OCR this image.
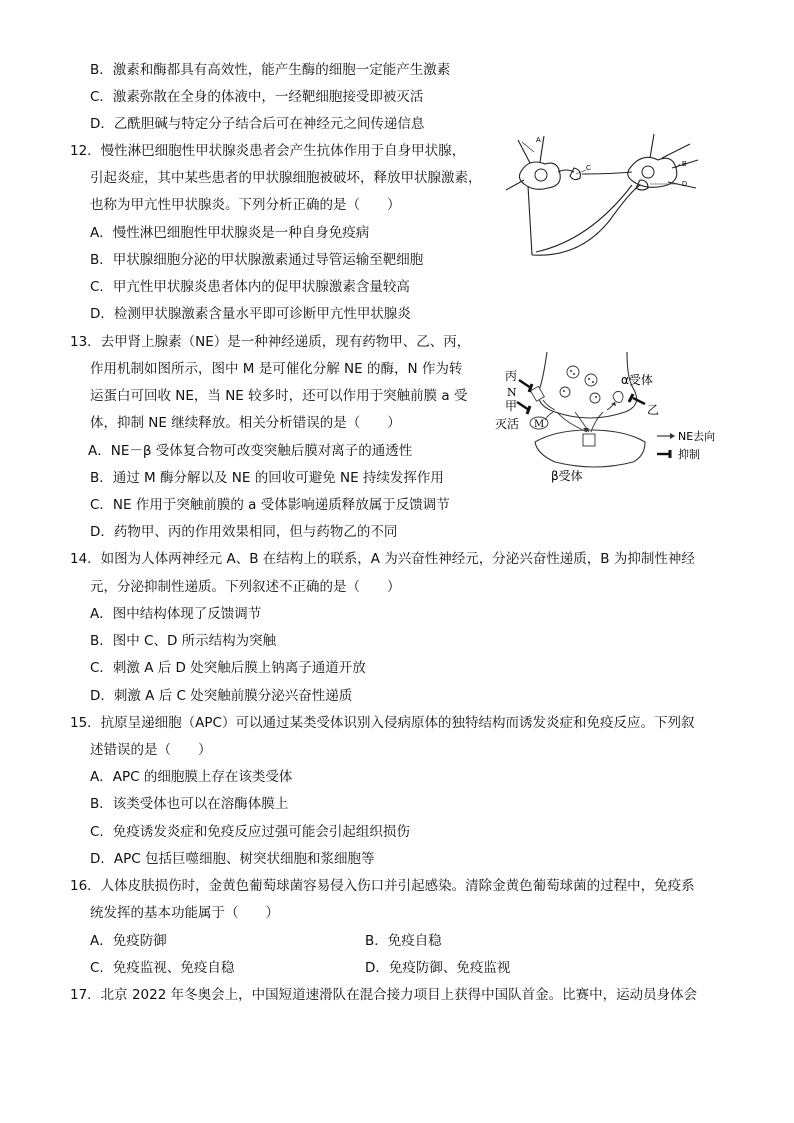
B．激素和酶都具有高效性，能产生酶的细胞一定能产生激素
C．激素弥散在全身的体液中，一经靶细胞接受即被灭活
D．乙酰胆碱与特定分子结合后可在神经元之间传递信息
12．慢性淋巴细胞性甲状腺炎患者会产生抗体作用于自身甲状腺，
引起炎症，其中某些患者的甲状腺细胞被破坏，释放甲状腺激素，
也称为甲亢性甲状腺炎。下列分析正确的是（　　）
A．慢性淋巴细胞性甲状腺炎是一种自身免疫病
B．甲状腺细胞分泌的甲状腺激素通过导管运输至靶细胞
C．甲亢性甲状腺炎患者体内的促甲状腺激素含量较高
D．检测甲状腺激素含量水平即可诊断甲亢性甲状腺炎
A
C
B
D
13．去甲肾上腺素（NE）是一种神经递质，现有药物甲、乙、丙，
作用机制如图所示，图中 M 是可催化分解 NE 的酶，N 作为转
运蛋白可回收 NE，当 NE 较多时，还可以作用于突触前膜 a 受
体，抑制 NE 继续释放。相关分析错误的是（　　）
A．NE－β 受体复合物可改变突触后膜对离子的通透性
B．通过 M 酶分解以及 NE 的回收可避免 NE 持续发挥作用
C．NE 作用于突触前膜的 a 受体影响递质释放属于反馈调节
D．药物甲、丙的作用效果相同，但与药物乙的不同
丙
N
甲
灭活 M
α受体
乙
β受体
NE去向
抑制
14．如图为人体两神经元 A、B 在结构上的联系，A 为兴奋性神经元，分泌兴奋性递质，B 为抑制性神经
元，分泌抑制性递质。下列叙述不正确的是（　　）
A．图中结构体现了反馈调节
B．图中 C、D 所示结构为突触
C．刺激 A 后 D 处突触后膜上钠离子通道开放
D．刺激 A 后 C 处突触前膜分泌兴奋性递质
15．抗原呈递细胞（APC）可以通过某类受体识别入侵病原体的独特结构而诱发炎症和免疫反应。下列叙
述错误的是（　　）
A．APC 的细胞膜上存在该类受体
B．该类受体也可以在溶酶体膜上
C．免疫诱发炎症和免疫反应过强可能会引起组织损伤
D．APC 包括巨噬细胞、树突状细胞和浆细胞等
16．人体皮肤损伤时，金黄色葡萄球菌容易侵入伤口并引起感染。清除金黄色葡萄球菌的过程中，免疫系
统发挥的基本功能属于（　　）
A．免疫防御	B．免疫自稳
C．免疫监视、免疫自稳	D．免疫防御、免疫监视
17．北京 2022 年冬奥会上，中国短道速滑队在混合接力项目上获得中国队首金。比赛中，运动员身体会
